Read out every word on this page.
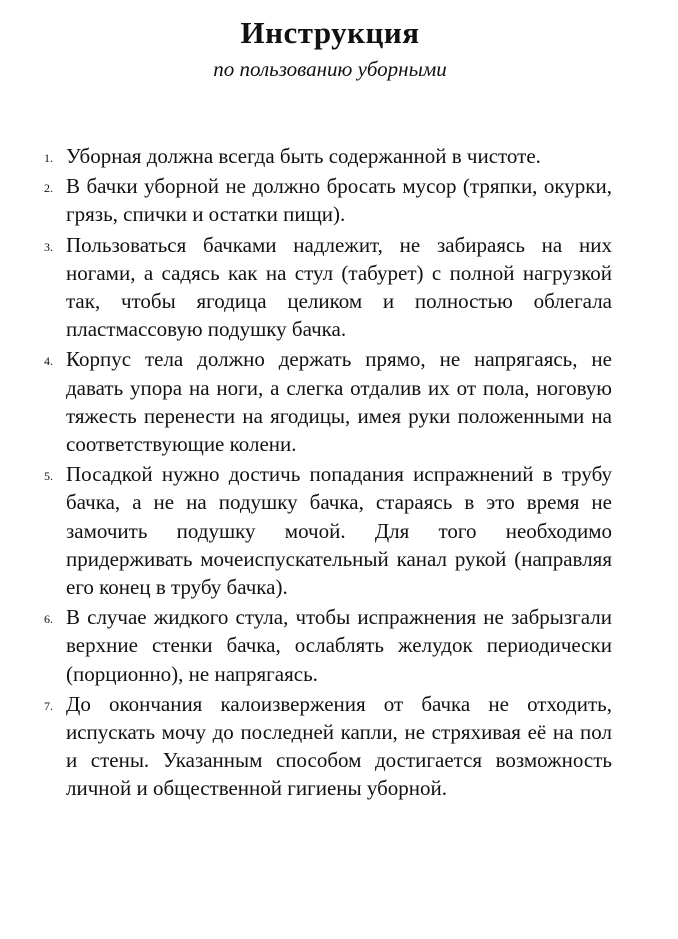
Инструкция
по пользованию уборными
1. Уборная должна всегда быть содержанной в чистоте.
2. В бачки уборной не должно бросать мусор (тряпки, окурки, грязь, спички и остатки пищи).
3. Пользоваться бачками надлежит, не забираясь на них ногами, а садясь как на стул (табурет) с полной нагрузкой так, чтобы ягодица целиком и полностью облегала пластмассовую подушку бачка.
4. Корпус тела должно держать прямо, не напрягаясь, не давать упора на ноги, а слегка отдалив их от пола, ноговую тяжесть перенести на ягодицы, имея руки положенными на соответствующие колени.
5. Посадкой нужно достичь попадания испражнений в трубу бачка, а не на подушку бачка, стараясь в это время не замочить подушку мочой. Для того необходимо придерживать мочеиспускательный канал рукой (направляя его конец в трубу бачка).
6. В случае жидкого стула, чтобы испражнения не забрызгали верхние стенки бачка, ослаблять желудок периодически (порционно), не напрягаясь.
7. До окончания калоизвержения от бачка не отходить, испускать мочу до последней капли, не стряхивая её на пол и стены. Указанным способом достигается возможность личной и общественной гигиены уборной.
